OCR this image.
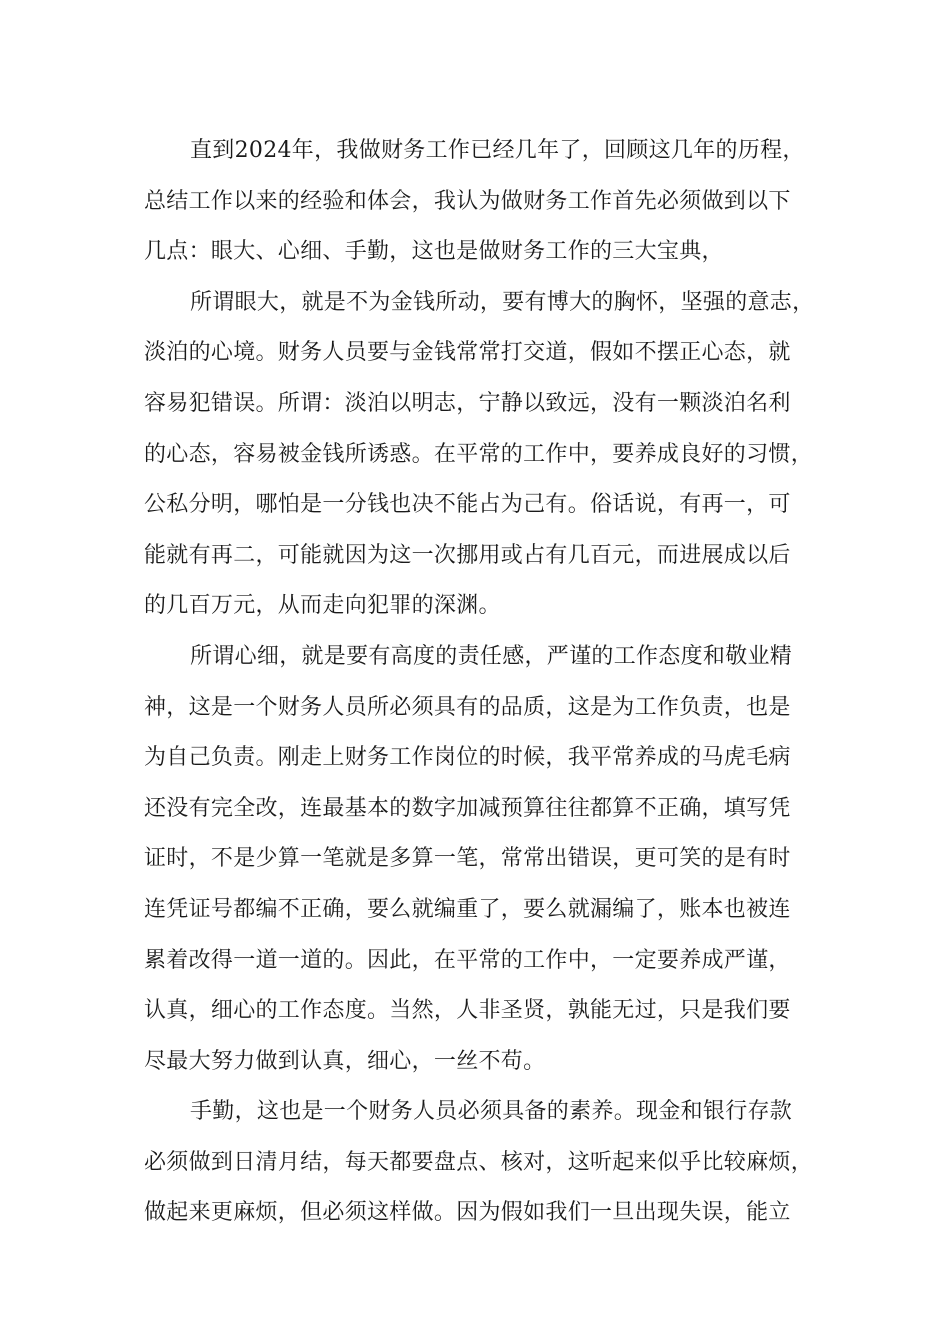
直到2024年，我做财务工作已经几年了，回顾这几年的历程，
总结工作以来的经验和体会，我认为做财务工作首先必须做到以下
几点：眼大、心细、手勤，这也是做财务工作的三大宝典，
所谓眼大，就是不为金钱所动，要有博大的胸怀，坚强的意志，
淡泊的心境。财务人员要与金钱常常打交道，假如不摆正心态，就
容易犯错误。所谓：淡泊以明志，宁静以致远，没有一颗淡泊名利
的心态，容易被金钱所诱惑。在平常的工作中，要养成良好的习惯，
公私分明，哪怕是一分钱也决不能占为己有。俗话说，有再一，可
能就有再二，可能就因为这一次挪用或占有几百元，而进展成以后
的几百万元，从而走向犯罪的深渊。
所谓心细，就是要有高度的责任感，严谨的工作态度和敬业精
神，这是一个财务人员所必须具有的品质，这是为工作负责，也是
为自己负责。刚走上财务工作岗位的时候，我平常养成的马虎毛病
还没有完全改，连最基本的数字加减预算往往都算不正确，填写凭
证时，不是少算一笔就是多算一笔，常常出错误，更可笑的是有时
连凭证号都编不正确，要么就编重了，要么就漏编了，账本也被连
累着改得一道一道的。因此，在平常的工作中，一定要养成严谨，
认真，细心的工作态度。当然，人非圣贤，孰能无过，只是我们要
尽最大努力做到认真，细心，一丝不苟。
手勤，这也是一个财务人员必须具备的素养。现金和银行存款
必须做到日清月结，每天都要盘点、核对，这听起来似乎比较麻烦，
做起来更麻烦，但必须这样做。因为假如我们一旦出现失误，能立
